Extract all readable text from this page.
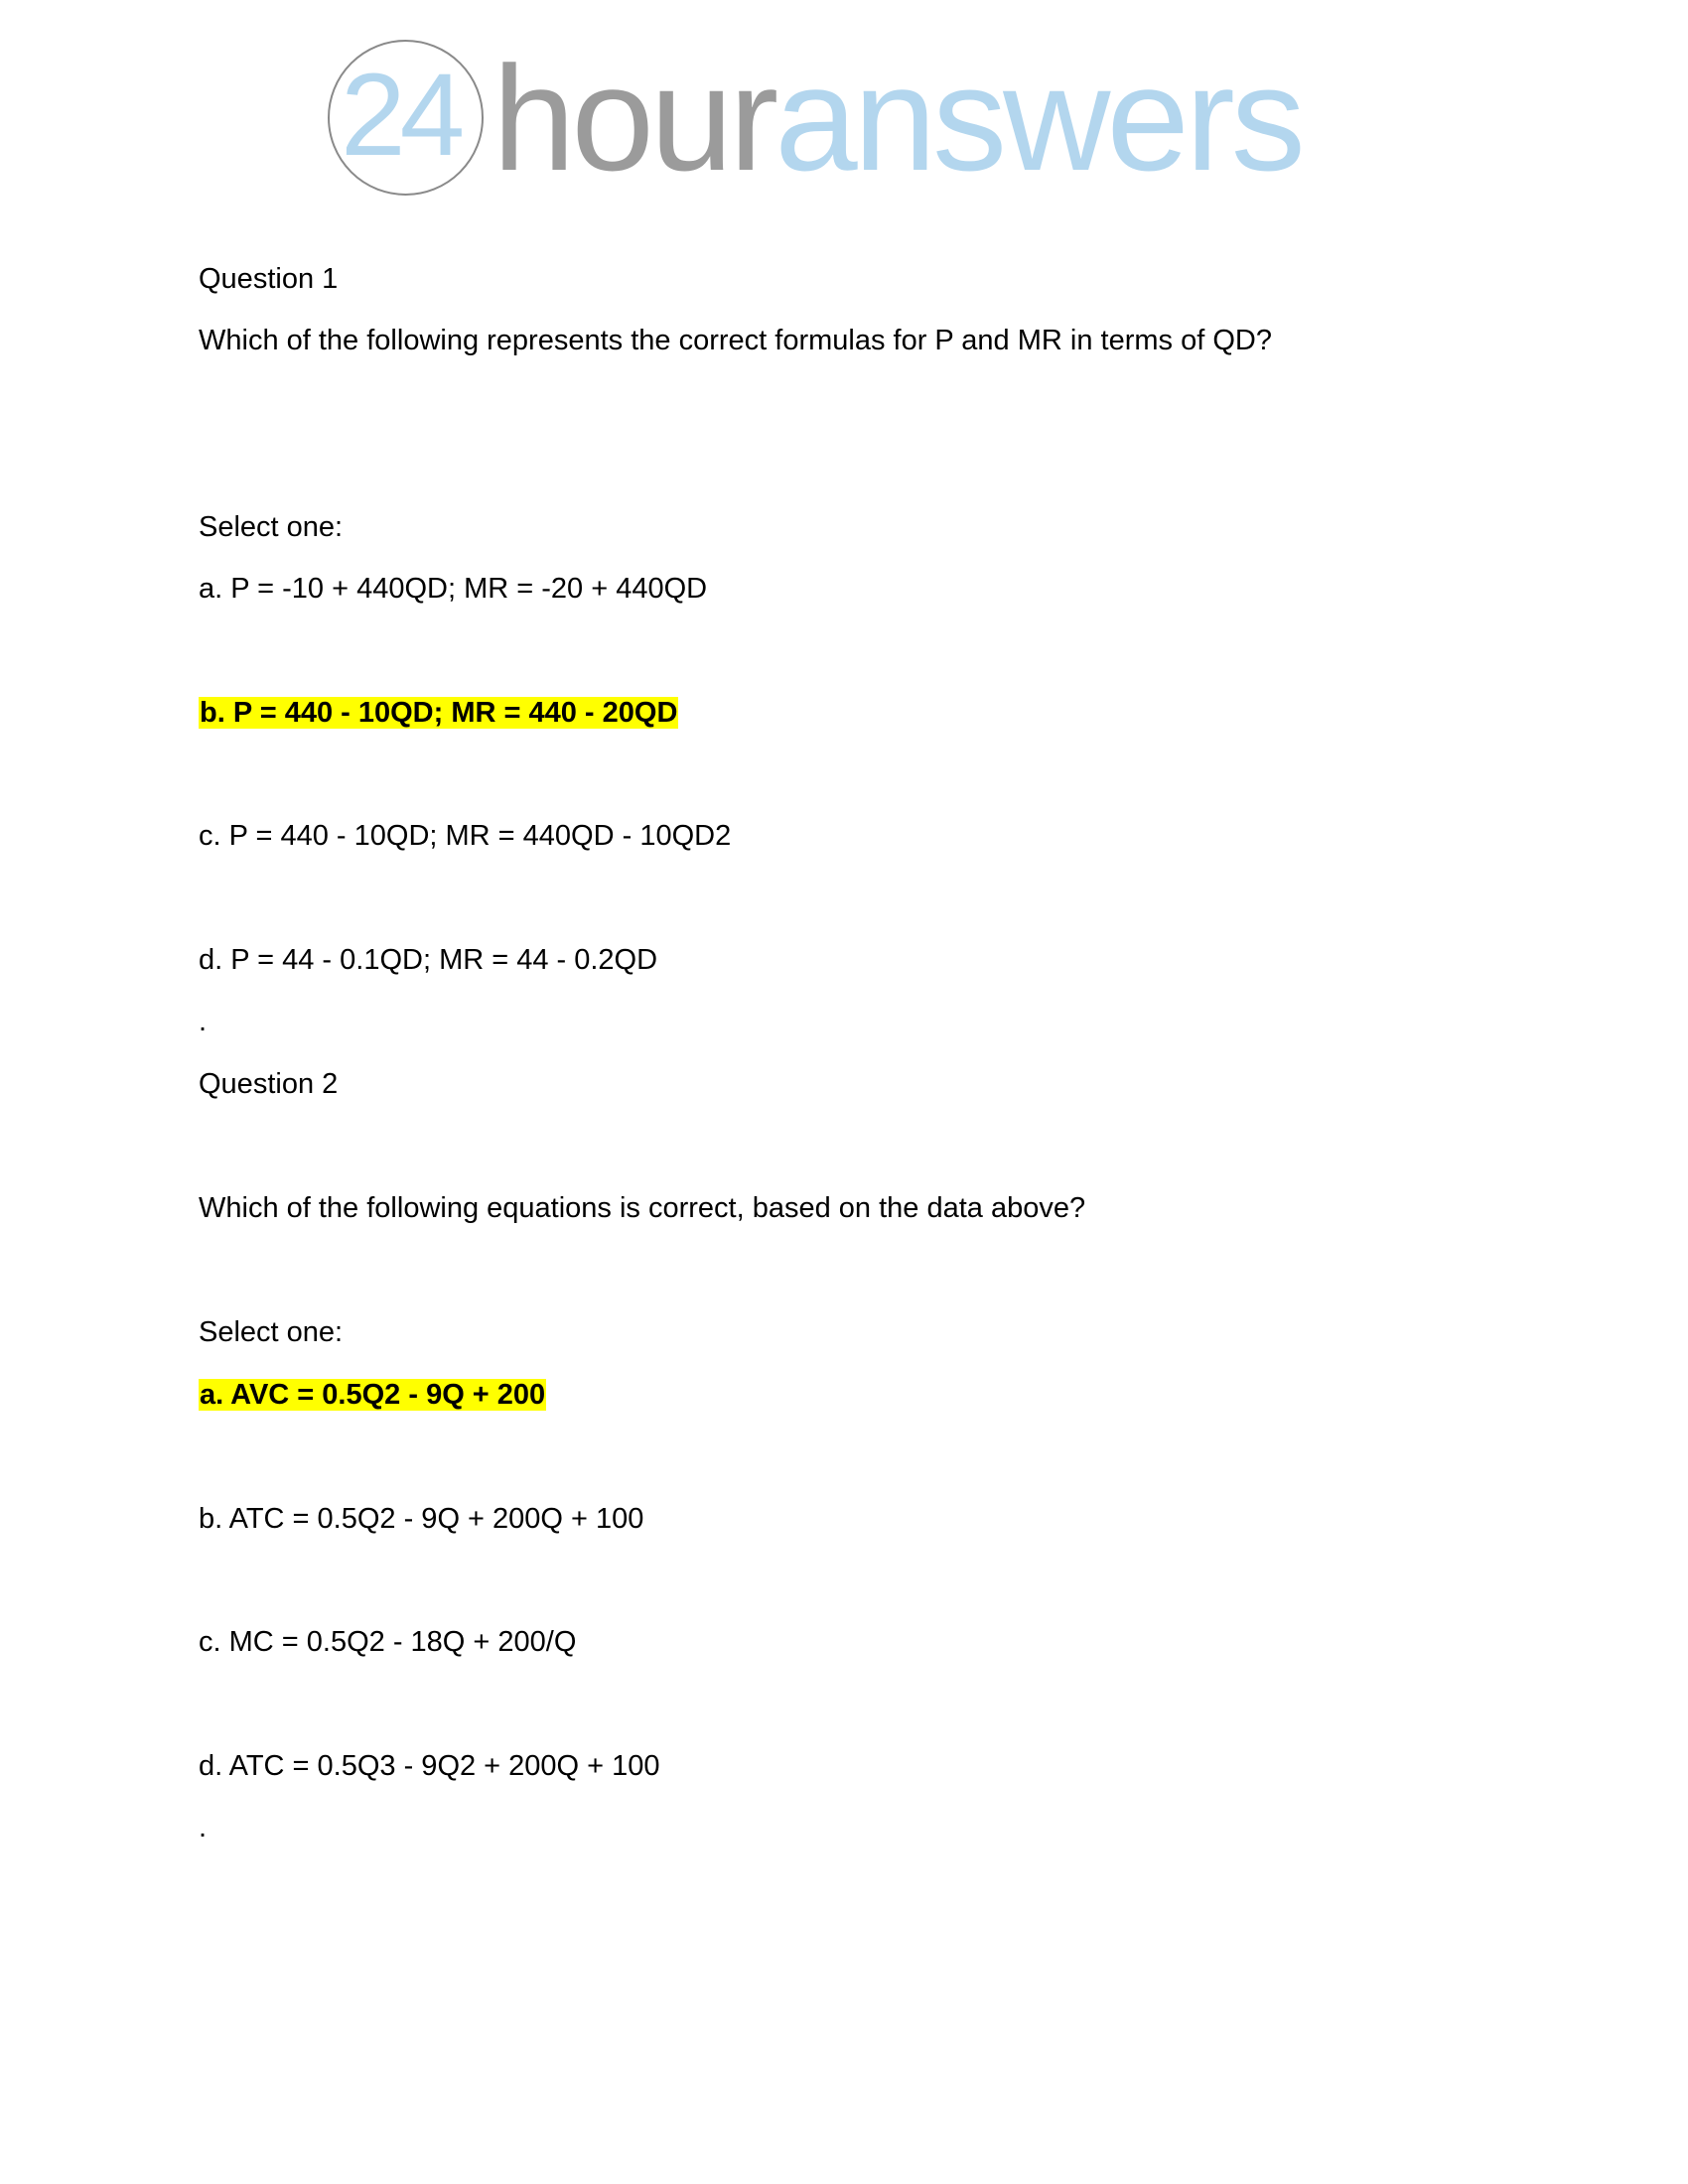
24 houranswers
Question 1
Which of the following represents the correct formulas for P and MR in terms of QD?
Select one:
a. P = -10 + 440QD; MR = -20 + 440QD
b. P = 440 - 10QD; MR = 440 - 20QD
c. P = 440 - 10QD; MR = 440QD - 10QD2
d. P = 44 - 0.1QD; MR = 44 - 0.2QD
.
Question 2
Which of the following equations is correct, based on the data above?
Select one:
a. AVC = 0.5Q2 - 9Q + 200
b. ATC = 0.5Q2 - 9Q + 200Q + 100
c. MC = 0.5Q2 - 18Q + 200/Q
d. ATC = 0.5Q3 - 9Q2 + 200Q + 100
.
